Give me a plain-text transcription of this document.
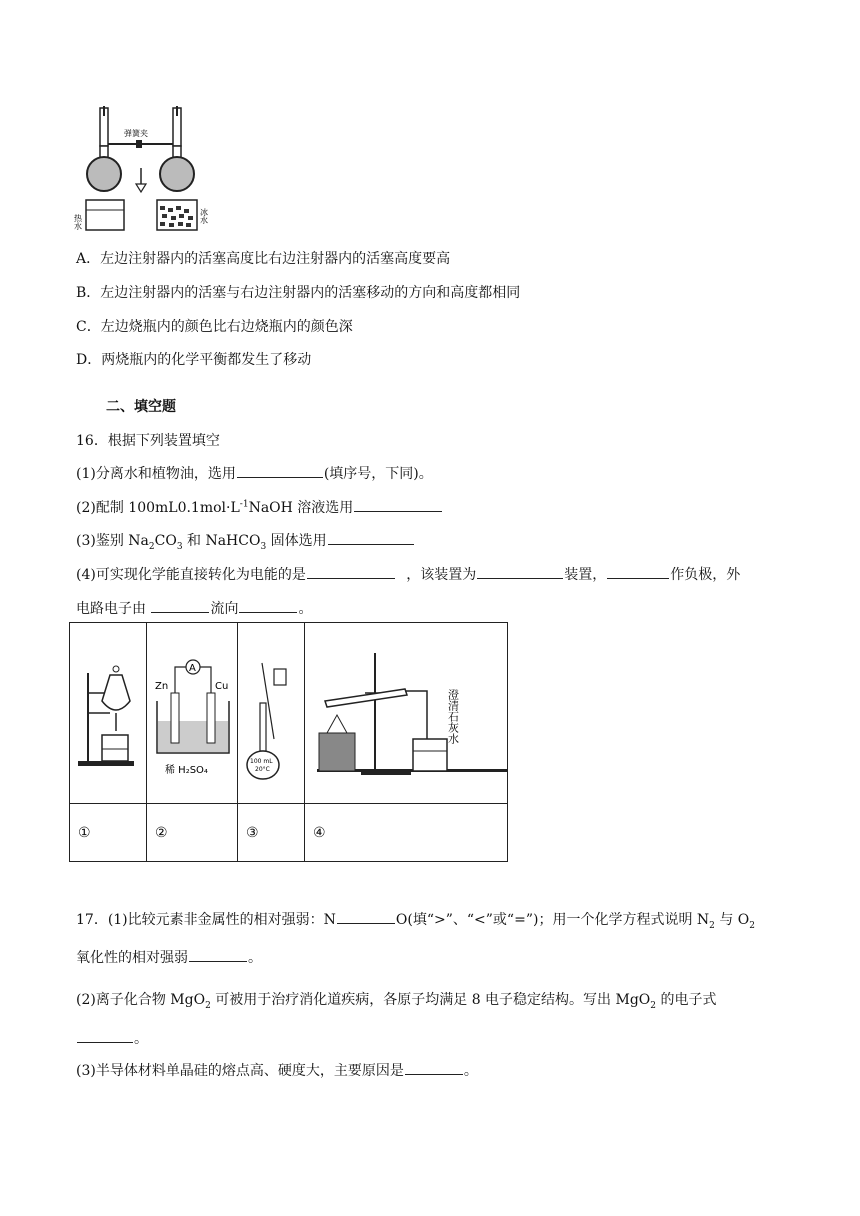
弹簧夹
热水	冰水
A．左边注射器内的活塞高度比右边注射器内的活塞高度要高
B．左边注射器内的活塞与右边注射器内的活塞移动的方向和高度都相同
C．左边烧瓶内的颜色比右边烧瓶内的颜色深
D．两烧瓶内的化学平衡都发生了移动
二、填空题
16．根据下列装置填空
(1)分离水和植物油，选用	(填序号，下同)。
(2)配制 $100mL0.1mol\cdot L^{-1}NaOH$ 溶液选用
(3)鉴别 $Na_2CO_3$ 和 NaHCO$_3$ 固体选用
(4)可实现化学能直接转化为电能的是	，该装置为	装置，	作负极，外
电路电子由	流向	。

A
Zn Cu
稀 H₂SO₄	100 mL
20°C	澄清石灰水

①	②	③	④
17．(1)比较元素非金属性的相对强弱：N	O(填“>”、“<”或“=”)；用一个化学方程式说明 $N_2$ 与 $O_2$
氧化性的相对强弱	。
(2)离子化合物 MgO$_2$ 可被用于治疗消化道疾病，各原子均满足 8 电子稳定结构。写出 MgO$_2$ 的电子式
。
(3)半导体材料单晶硅的熔点高、硬度大，主要原因是	。
